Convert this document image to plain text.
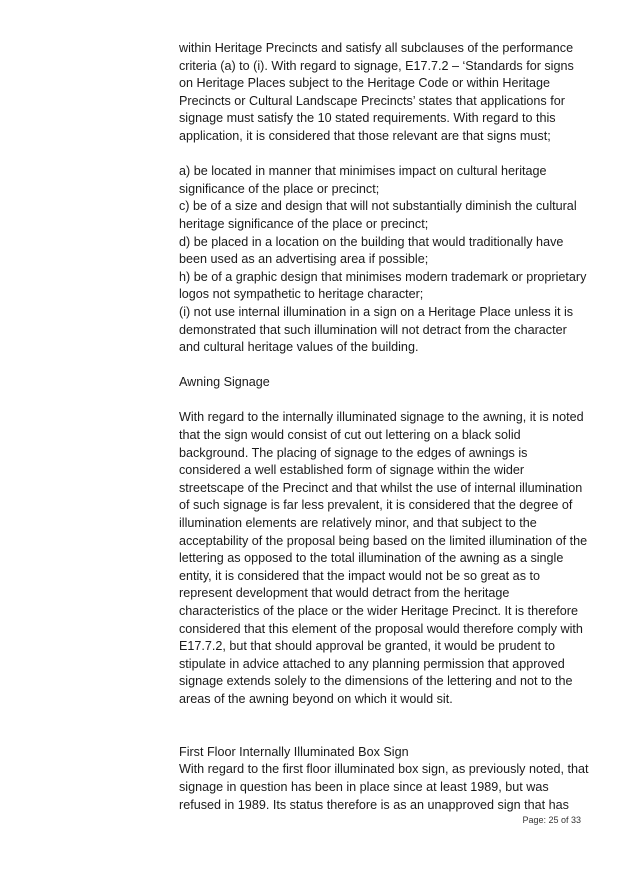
within Heritage Precincts and satisfy all subclauses of the performance criteria (a) to (i). With regard to signage, E17.7.2 – ‘Standards for signs on Heritage Places subject to the Heritage Code or within Heritage Precincts or Cultural Landscape Precincts’ states that applications for signage must satisfy the 10 stated requirements. With regard to this application, it is considered that those relevant are that signs must;

a) be located in manner that minimises impact on cultural heritage significance of the place or precinct;

c) be of a size and design that will not substantially diminish the cultural heritage significance of the place or precinct;

d) be placed in a location on the building that would traditionally have been used as an advertising area if possible;

h) be of a graphic design that minimises modern trademark or proprietary logos not sympathetic to heritage character;

(i) not use internal illumination in a sign on a Heritage Place unless it is demonstrated that such illumination will not detract from the character and cultural heritage values of the building.

Awning Signage

With regard to the internally illuminated signage to the awning, it is noted that the sign would consist of cut out lettering on a black solid background. The placing of signage to the edges of awnings is considered a well established form of signage within the wider streetscape of the Precinct and that whilst the use of internal illumination of such signage is far less prevalent, it is considered that the degree of illumination elements are relatively minor, and that subject to the acceptability of the proposal being based on the limited illumination of the lettering as opposed to the total illumination of the awning as a single entity, it is considered that the impact would not be so great as to represent development that would detract from the heritage characteristics of the place or the wider Heritage Precinct. It is therefore considered that this element of the proposal would therefore comply with E17.7.2, but that should approval be granted, it would be prudent to stipulate in advice attached to any planning permission that approved signage extends solely to the dimensions of the lettering and not to the areas of the awning beyond on which it would sit.

First Floor Internally Illuminated Box Sign

With regard to the first floor illuminated box sign, as previously noted, that signage in question has been in place since at least 1989, but was refused in 1989. Its status therefore is as an unapproved sign that has

Page: 25 of 33
